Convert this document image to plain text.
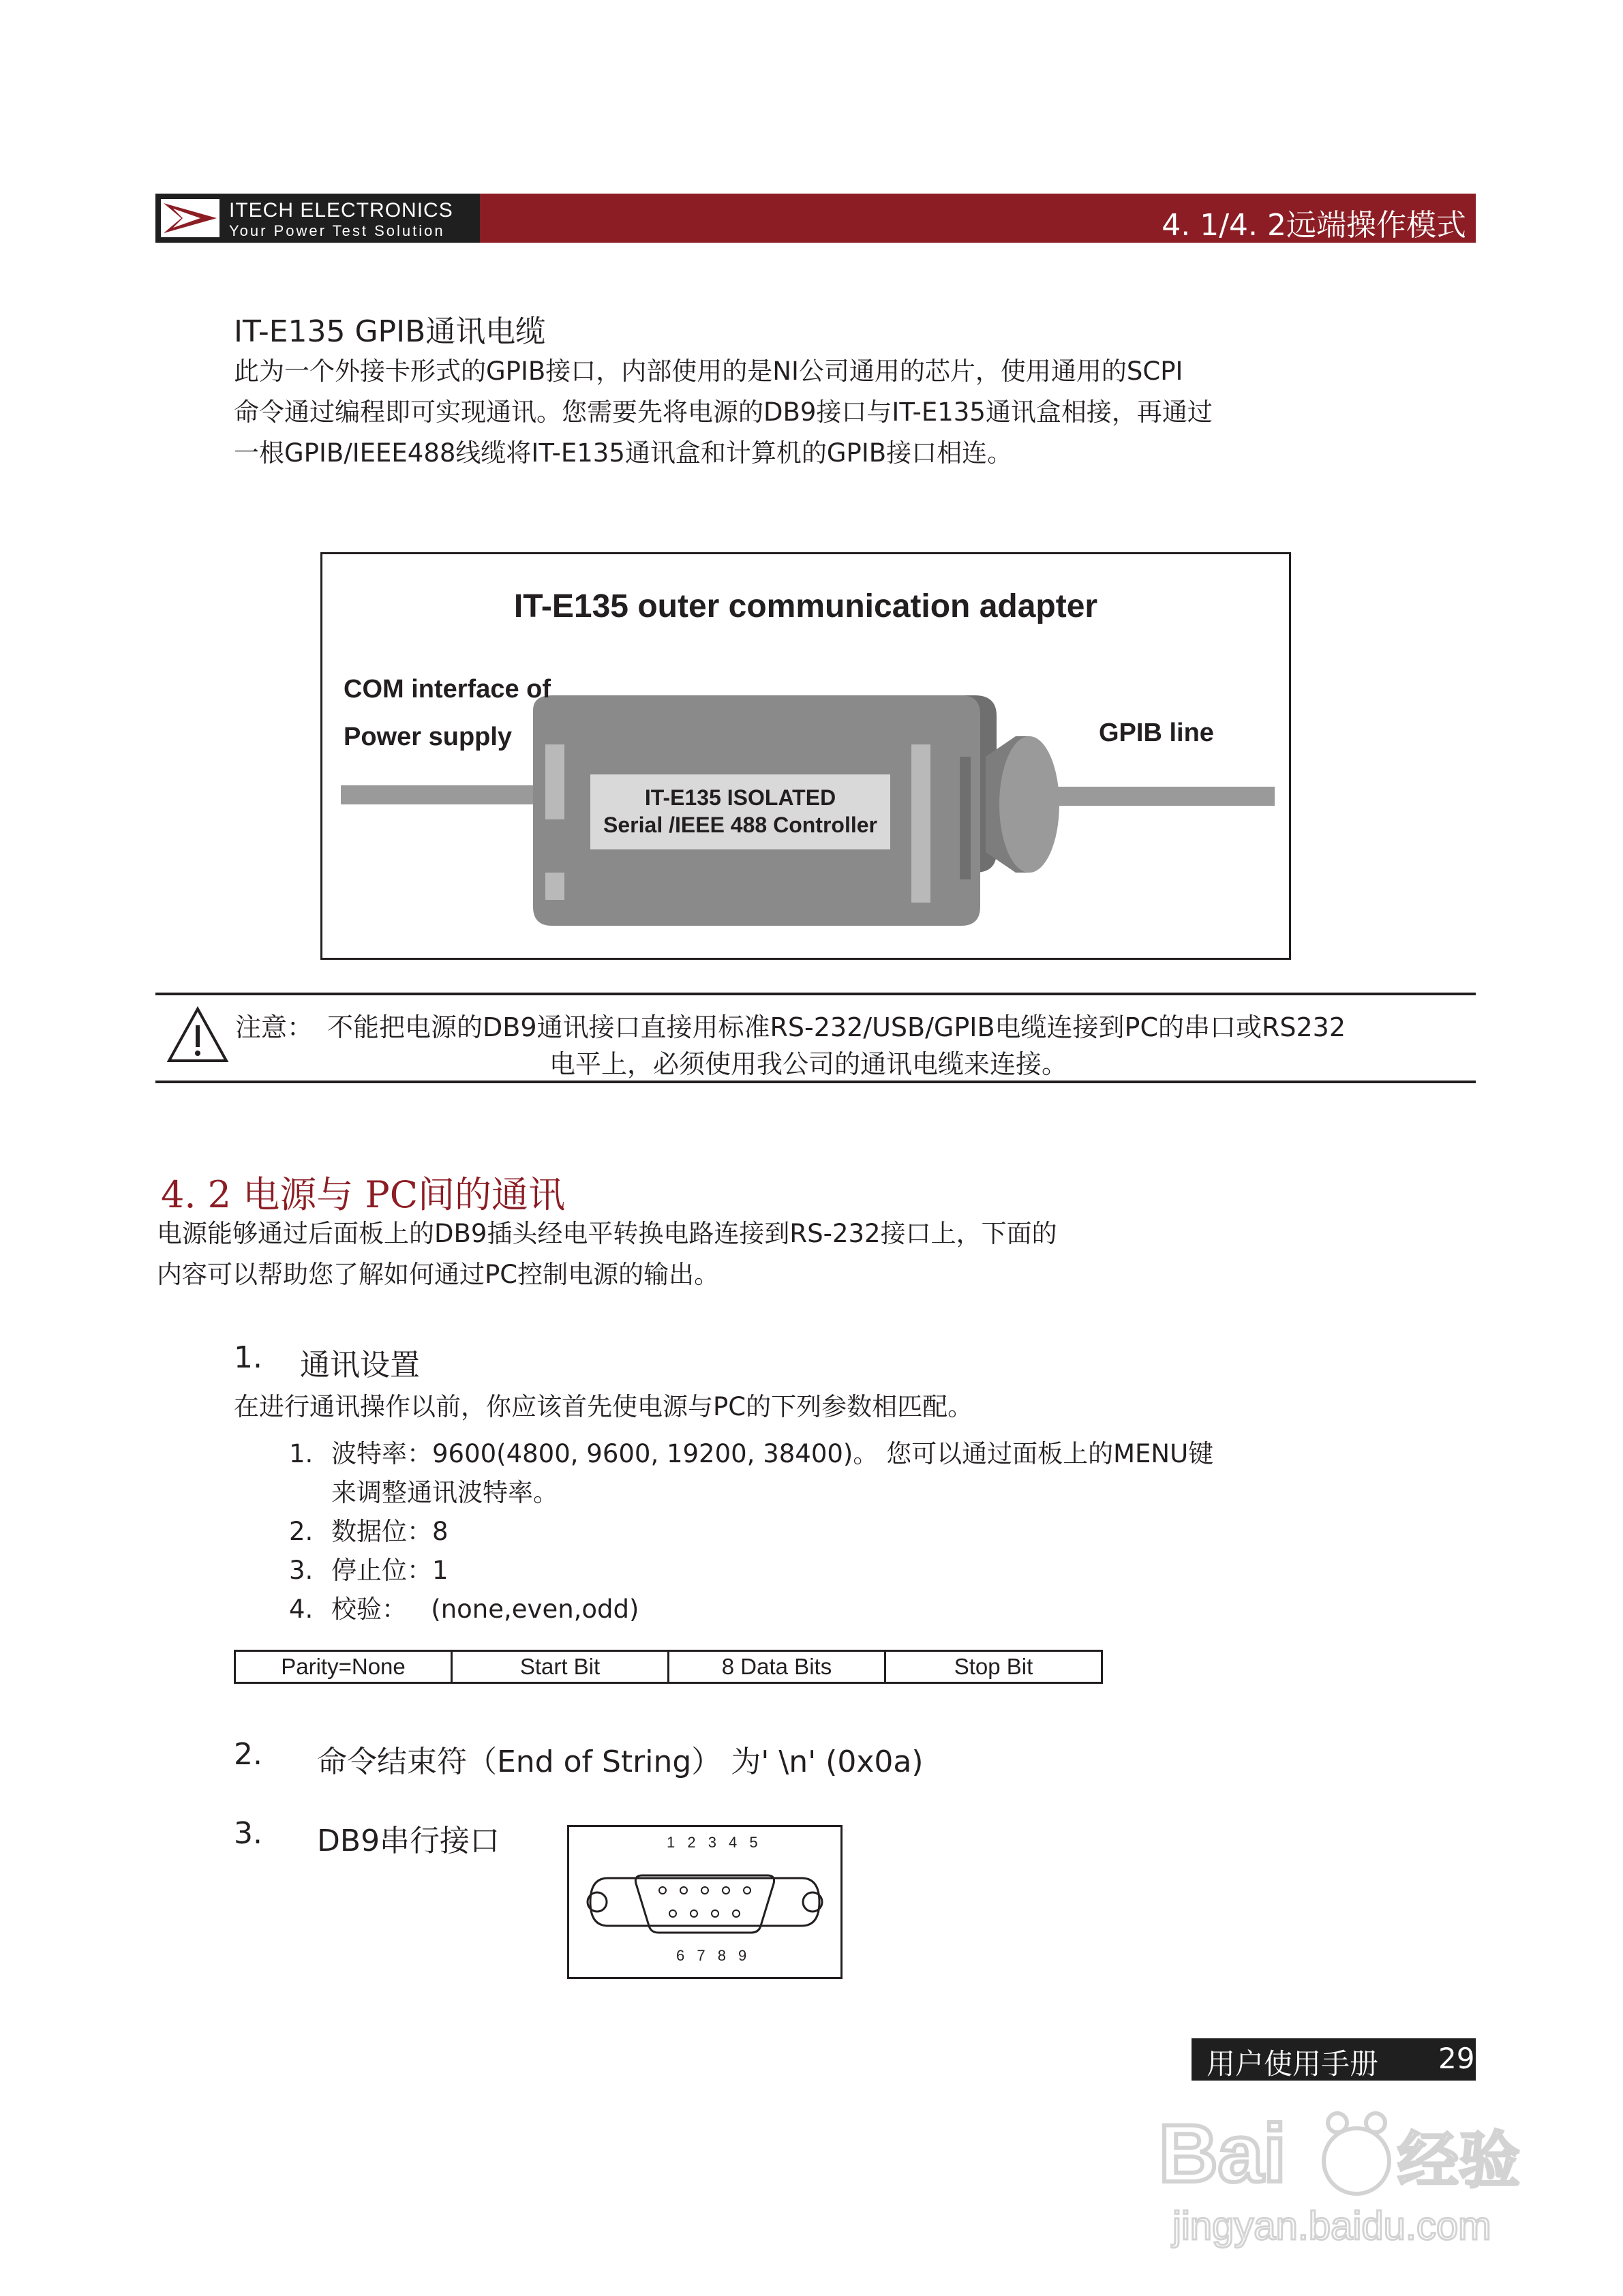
ITECH ELECTRONICS
Your Power Test Solution	4. 1/4. 2远端操作模式
IT-E135 GPIB通讯电缆
此为一个外接卡形式的GPIB接口，内部使用的是NI公司通用的芯片，使用通用的SCPI
命令通过编程即可实现通讯。您需要先将电源的DB9接口与IT-E135通讯盒相接，再通过
一根GPIB/IEEE488线缆将IT-E135通讯盒和计算机的GPIB接口相连。
IT-E135 outer communication adapter
COM interface of
Power supply	GPIB line
IT-E135 ISOLATED
Serial /IEEE 488 Controller
注意： 不能把电源的DB9通讯接口直接用标准RS-232/USB/GPIB电缆连接到PC的串口或RS232
电平上，必须使用我公司的通讯电缆来连接。
4. 2 电源与 PC间的通讯
电源能够通过后面板上的DB9插头经电平转换电路连接到RS-232接口上，下面的
内容可以帮助您了解如何通过PC控制电源的输出。
1. 通讯设置
在进行通讯操作以前，你应该首先使电源与PC的下列参数相匹配。
1. 波特率：9600(4800, 9600, 19200, 38400)。 您可以通过面板上的MENU键
来调整通讯波特率。
2. 数据位：8
3. 停止位：1
4. 校验：   (none,even,odd)
Parity=None	Start Bit	8 Data Bits	Stop Bit
2. 命令结束符（End of String） 为' \n' (0x0a)
3. DB9串行接口	1 2 3 4 5
6 7 8 9
用户使用手册 29
Bai 经验
jingyan.baidu.com
